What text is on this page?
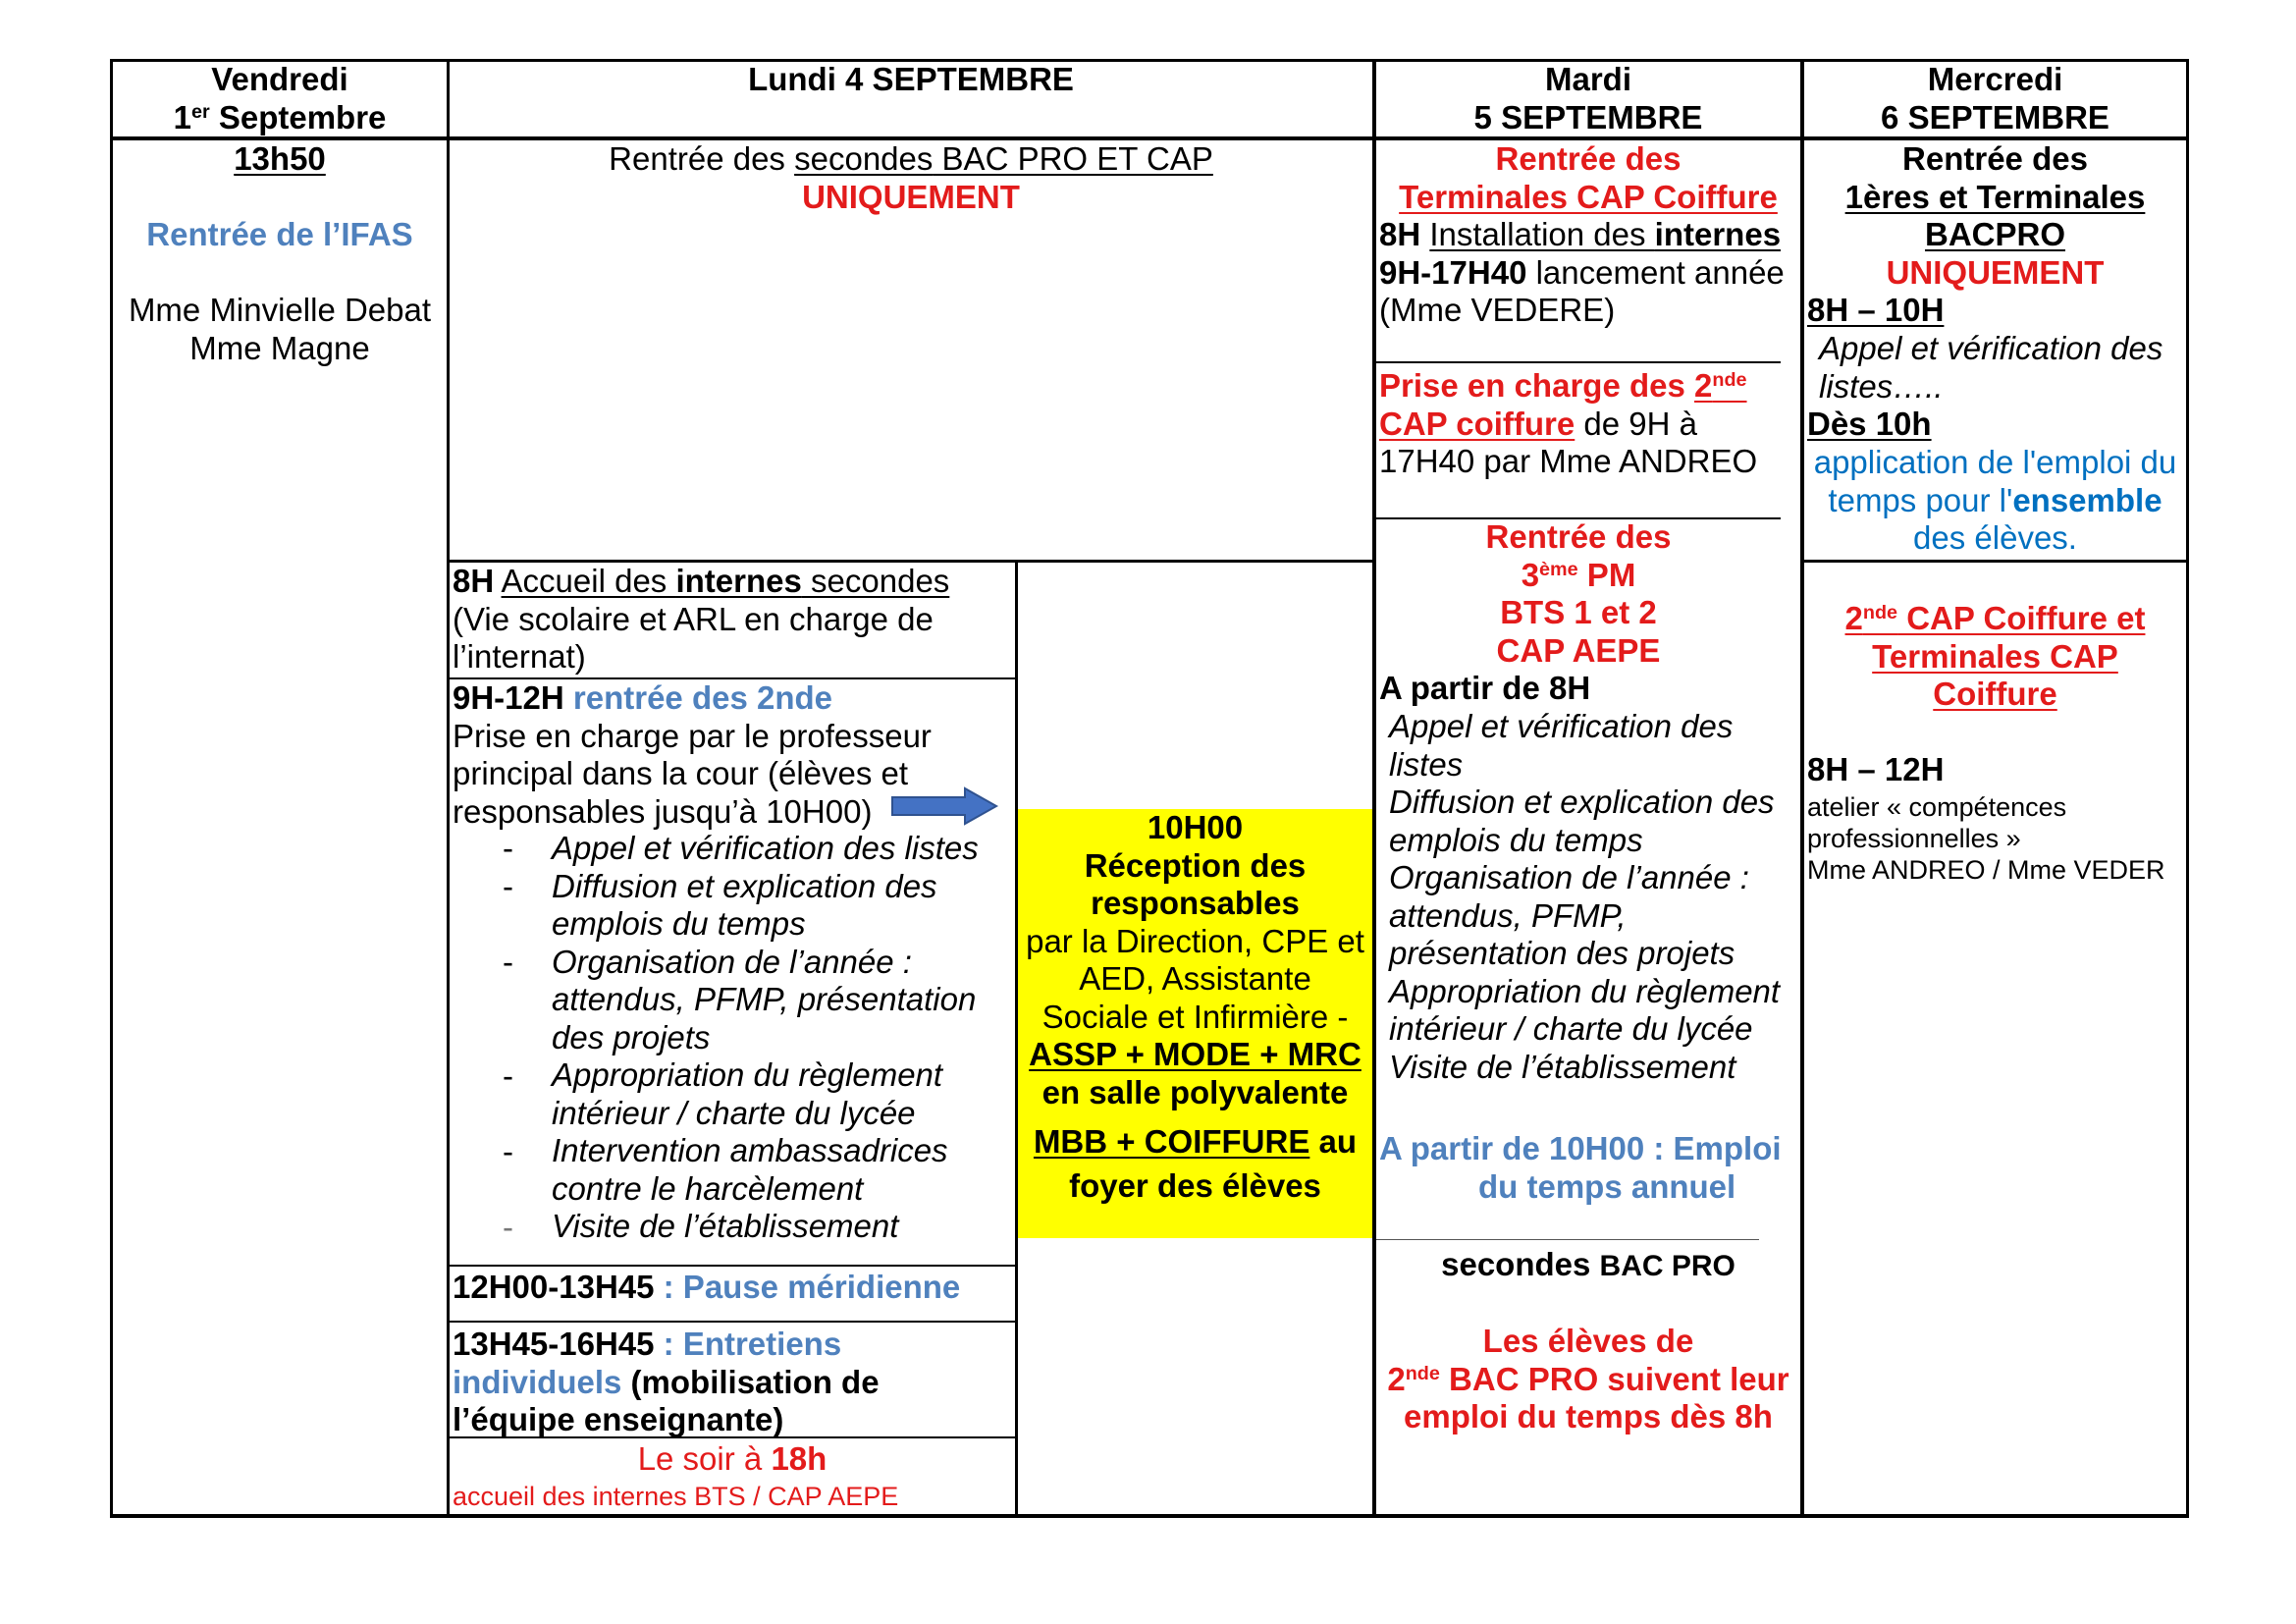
Vendredi
1er Septembre
Lundi 4 SEPTEMBRE	Mardi
5 SEPTEMBRE
Mercredi
6 SEPTEMBRE
13h50
Rentrée de l’IFAS
Mme Minvielle Debat
Mme Magne
Rentrée des secondes BAC PRO ET CAP
UNIQUEMENT
8H Accueil des internes secondes
(Vie scolaire et ARL en charge de
l’internat)
9H-12H rentrée des 2nde
Prise en charge par le professeur
principal dans la cour (élèves et
responsables jusqu’à 10H00)
-
-
-
-
-
-
Appel et vérification des listes
Diffusion et explication des
emplois du temps
Organisation de l’année :
attendus, PFMP, présentation
des projets
Appropriation du règlement
intérieur / charte du lycée
Intervention ambassadrices
contre le harcèlement
Visite de l’établissement
12H00-13H45 : Pause méridienne
13H45-16H45 : Entretiens
individuels (mobilisation de
l’équipe enseignante)
Le soir à 18h
accueil des internes BTS / CAP AEPE
10H00
Réception des
responsables
par la Direction, CPE et
AED, Assistante
Sociale et Infirmière -
ASSP + MODE + MRC
en salle polyvalente
MBB + COIFFURE au
foyer des élèves
Rentrée des
Terminales CAP Coiffure
8H Installation des internes
9H-17H40 lancement année
(Mme VEDERE)
Prise en charge des 2nde
CAP coiffure de 9H à
17H40 par Mme ANDREO
Rentrée des
3ème PM
BTS 1 et 2
CAP AEPE
A partir de 8H
Appel et vérification des
listes
Diffusion et explication des
emplois du temps
Organisation de l’année :
attendus, PFMP,
présentation des projets
Appropriation du règlement
intérieur / charte du lycée
Visite de l’établissement
A partir de 10H00 : Emploi
du temps annuel
secondes BAC PRO
Les élèves de
2nde BAC PRO suivent leur
emploi du temps dès 8h
Rentrée des
1ères et Terminales
BACPRO
UNIQUEMENT
8H – 10H
Appel et vérification des
listes…..
Dès 10h
application de l'emploi du
temps pour l'ensemble
des élèves.
2nde CAP Coiffure et
Terminales CAP
Coiffure
8H – 12H
atelier « compétences
professionnelles »
Mme ANDREO / Mme VEDER
